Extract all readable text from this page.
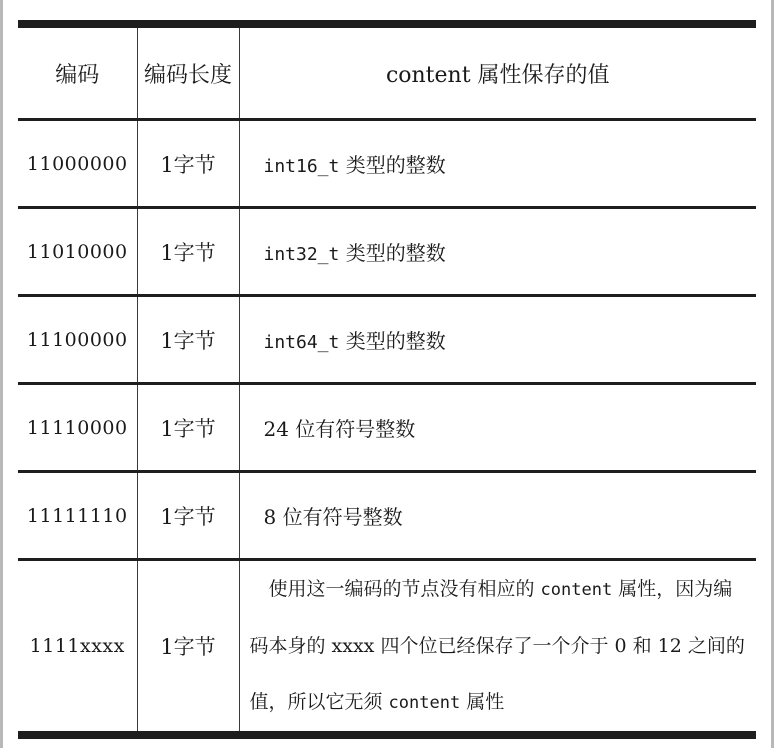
编码	编码长度	content 属性保存的值
11000000	1字节	int16_t 类型的整数
11010000	1字节	int32_t 类型的整数
11100000	1字节	int64_t 类型的整数
11110000	1字节	24 位有符号整数
11111110	1字节	8 位有符号整数
1111xxxx	1字节	　使用这一编码的节点没有相应的 content 属性，因为编码本身的 xxxx 四个位已经保存了一个介于 0 和 12 之间的值，所以它无须 content 属性
